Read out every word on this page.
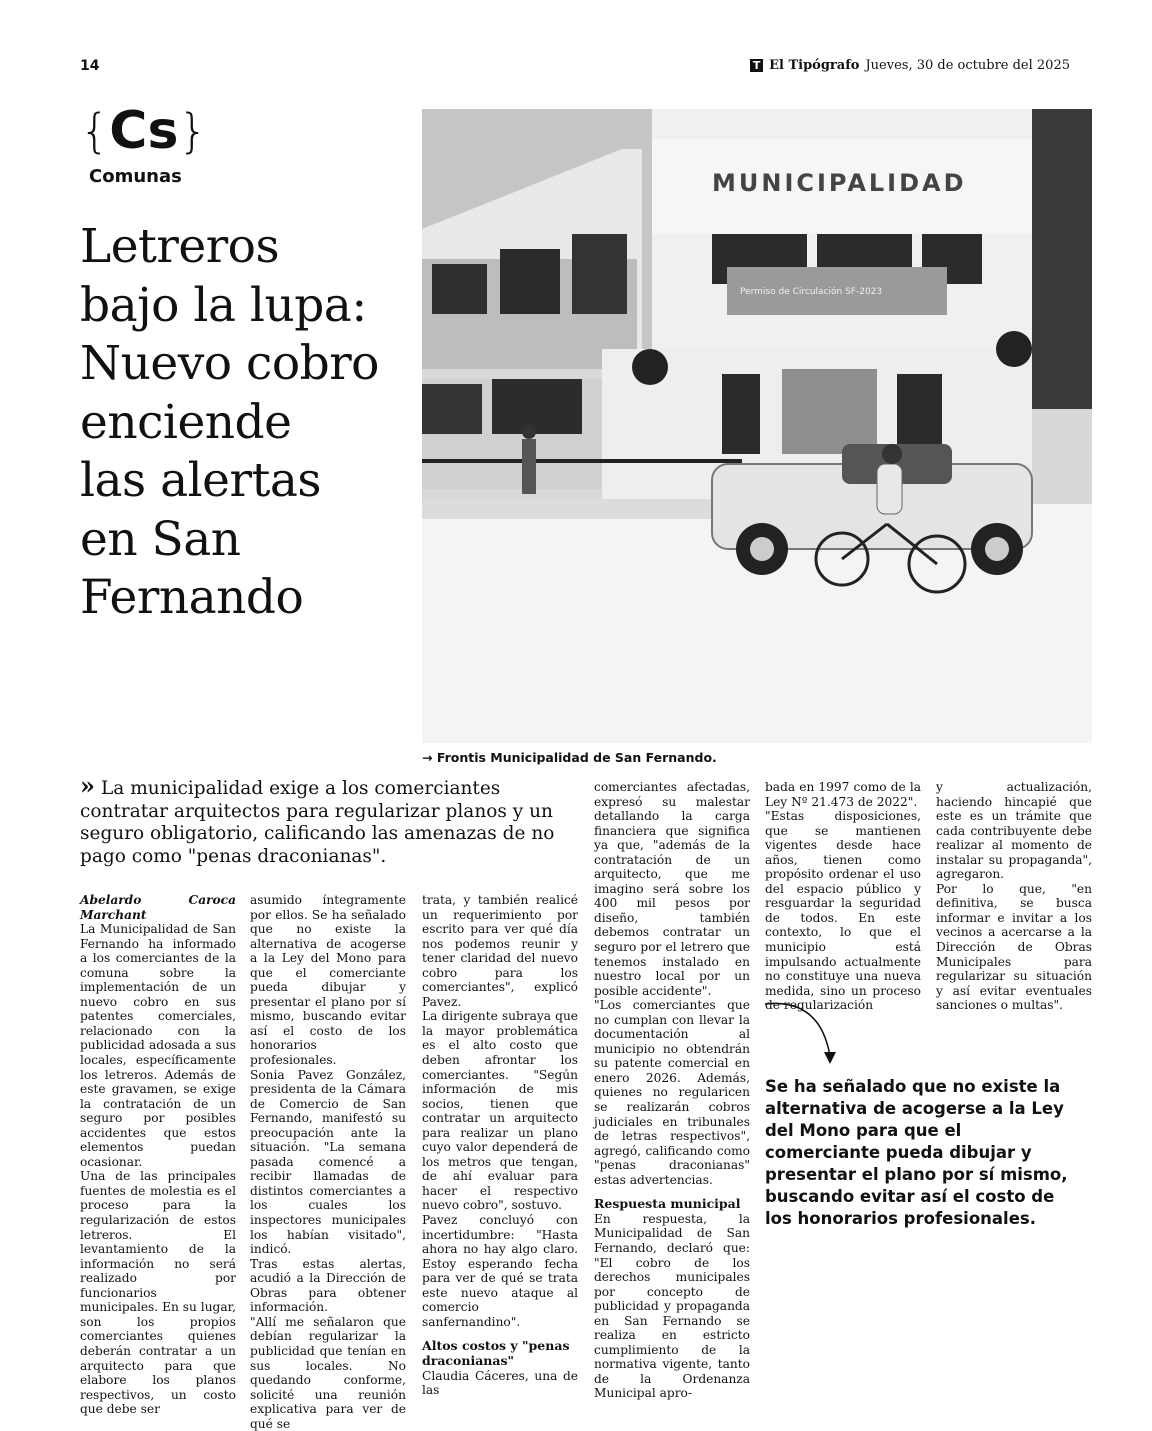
14	T El Tipógrafo Jueves, 30 de octubre del 2025
{Cs}
Comunas
Letreros
bajo la lupa:
Nuevo cobro
enciende
las alertas
en San
Fernando
MUNICIPALIDAD
Permiso de Circulación SF-2023
→ Frontis Municipalidad de San Fernando.
» La municipalidad exige a los comerciantes contratar arquitectos para regularizar planos y un seguro obligatorio, calificando las amenazas de no pago como "penas draconianas".
Abelardo Caroca Marchant

La Municipalidad de San Fernando ha informado a los comerciantes de la comuna sobre la implementación de un nuevo cobro en sus patentes comerciales, relacionado con la publicidad adosada a sus locales, específicamente los letreros. Además de este gravamen, se exige la contratación de un seguro por posibles accidentes que estos elementos puedan ocasionar.

Una de las principales fuentes de molestia es el proceso para la regularización de estos letreros. El levantamiento de la información no será realizado por funcionarios municipales. En su lugar, son los propios comerciantes quienes deberán contratar a un arquitecto para que elabore los planos respectivos, un costo que debe ser

asumido íntegramente por ellos. Se ha señalado que no existe la alternativa de acogerse a la Ley del Mono para que el comerciante pueda dibujar y presentar el plano por sí mismo, buscando evitar así el costo de los honorarios profesionales.

Sonia Pavez González, presidenta de la Cámara de Comercio de San Fernando, manifestó su preocupación ante la situación. "La semana pasada comencé a recibir llamadas de distintos comerciantes a los cuales los inspectores municipales los habían visitado", indicó.

Tras estas alertas, acudió a la Dirección de Obras para obtener información.

"Allí me señalaron que debían regularizar la publicidad que tenían en sus locales. No quedando conforme, solicité una reunión explicativa para ver de qué se

trata, y también realicé un requerimiento por escrito para ver qué día nos podemos reunir y tener claridad del nuevo cobro para los comerciantes", explicó Pavez.

La dirigente subraya que la mayor problemática es el alto costo que deben afrontar los comerciantes. "Según información de mis socios, tienen que contratar un arquitecto para realizar un plano cuyo valor dependerá de los metros que tengan, de ahí evaluar para hacer el respectivo nuevo cobro", sostuvo.

Pavez concluyó con incertidumbre: "Hasta ahora no hay algo claro. Estoy esperando fecha para ver de qué se trata este nuevo ataque al comercio sanfernandino".

Altos costos y "penas draconianas"

Claudia Cáceres, una de las

comerciantes afectadas, expresó su malestar detallando la carga financiera que significa ya que, "además de la contratación de un arquitecto, que me imagino será sobre los 400 mil pesos por diseño, también debemos contratar un seguro por el letrero que tenemos instalado en nuestro local por un posible accidente".

"Los comerciantes que no cumplan con llevar la documentación al municipio no obtendrán su patente comercial en enero 2026. Además, quienes no regularicen se realizarán cobros judiciales en tribunales de letras respectivos", agregó, calificando como "penas draconianas" estas advertencias.

Respuesta municipal

En respuesta, la Municipalidad de San Fernando, declaró que: "El cobro de los derechos municipales por concepto de publicidad y propaganda en San Fernando se realiza en estricto cumplimiento de la normativa vigente, tanto de la Ordenanza Municipal apro-

bada en 1997 como de la Ley Nº 21.473 de 2022".

"Estas disposiciones, que se mantienen vigentes desde hace años, tienen como propósito ordenar el uso del espacio público y resguardar la seguridad de todos. En este contexto, lo que el municipio está impulsando actualmente no constituye una nueva medida, sino un proceso de regularización

y actualización, haciendo hincapié que este es un trámite que cada contribuyente debe realizar al momento de instalar su propaganda", agregaron.

Por lo que, "en definitiva, se busca informar e invitar a los vecinos a acercarse a la Dirección de Obras Municipales para regularizar su situación y así evitar eventuales sanciones o multas".

Se ha señalado que no existe la alternativa de acogerse a la Ley del Mono para que el comerciante pueda dibujar y presentar el plano por sí mismo, buscando evitar así el costo de los honorarios profesionales.
